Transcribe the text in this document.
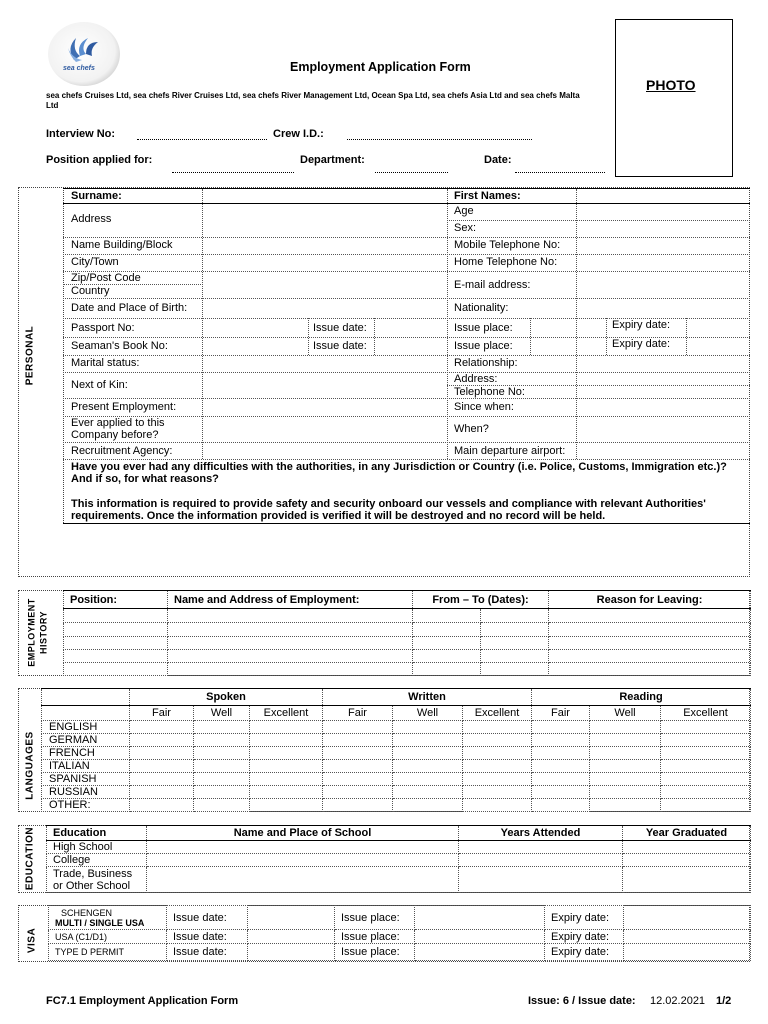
sea chefs	Employment Application Form
sea chefs Cruises Ltd, sea chefs River Cruises Ltd, sea chefs River Management Ltd, Ocean Spa Ltd, sea chefs Asia Ltd and sea chefs Malta Ltd
PHOTO
Interview No:	Crew I.D.:
Position applied for:	Department:	Date:
PERSONAL
Surname:	First Names:
Address
Age
Sex:
Name Building/Block	Mobile Telephone No:
City/Town	Home Telephone No:
Zip/Post Code
Country	E-mail address:
Date and Place of Birth:	Nationality:
Passport No:	Issue date:	Issue place:	Expiry date:
Seaman's Book No:	Issue date:	Issue place:	Expiry date:
Marital status:	Relationship:
Next of Kin:	Address:
Telephone No:
Present Employment:	Since when:
Ever applied to this
Company before?	When?
Recruitment Agency:	Main departure airport:
Have you ever had any difficulties with the authorities, in any Jurisdiction or Country (i.e. Police, Customs, Immigration etc.)? And if so, for what reasons?
This information is required to provide safety and security onboard our vessels and compliance with relevant Authorities' requirements. Once the information provided is verified it will be destroyed and no record will be held.
EMPLOYMENT HISTORY
Position:	Name and Address of Employment:	From – To (Dates):		Reason for Leaving:

LANGUAGES
	Spoken			Written			Reading		
	Fair	Well	Excellent	Fair	Well	Excellent	Fair	Well	Excellent
ENGLISH									
GERMAN									
FRENCH									
ITALIAN									
SPANISH									
RUSSIAN									
OTHER:									
EDUCATION Education	Name and Place of School	Years Attended	Year Graduated
High School			
College			

Trade, Business
or Other School			

VISA
SCHENGEN
MULTI / SINGLE USA	Issue date:		Issue place:		Expiry date:	
USA (C1/D1)	Issue date:		Issue place:		Expiry date:	
TYPE D PERMIT	Issue date:		Issue place:		Expiry date:	
FC7.1 Employment Application Form	Issue: 6 / Issue date: 12.02.2021 1/2
